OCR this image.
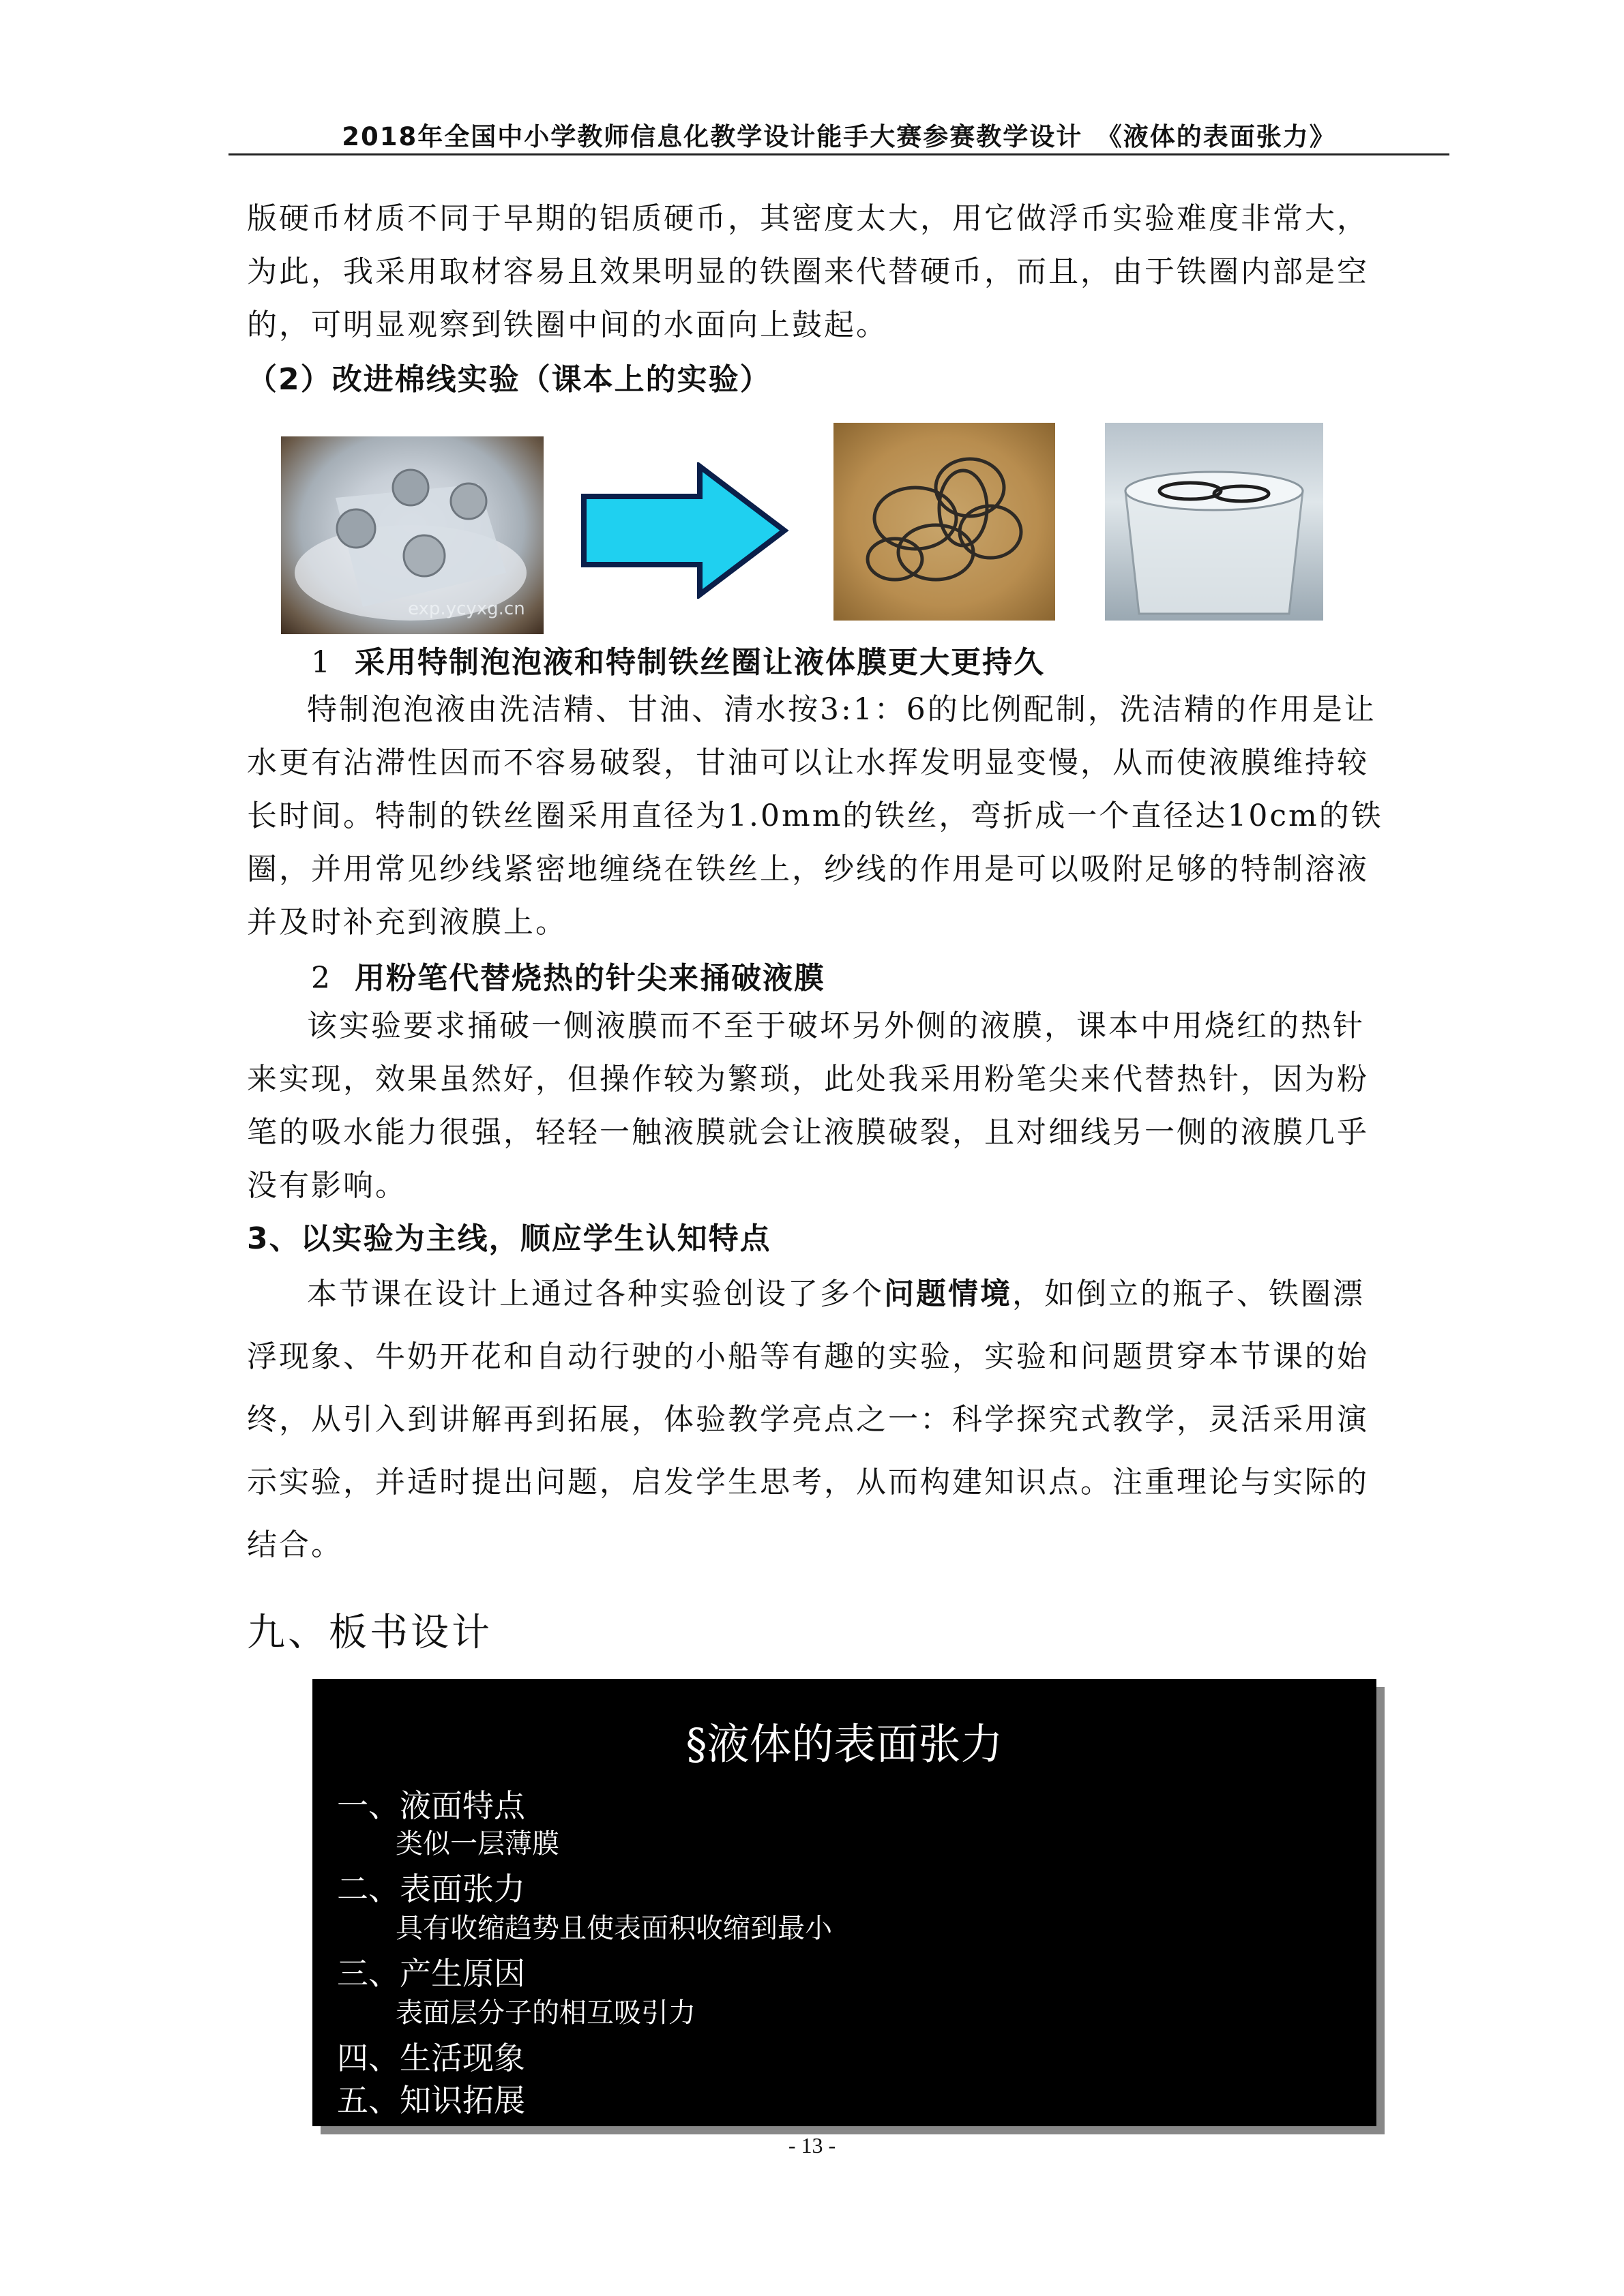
2018年全国中小学教师信息化教学设计能手大赛参赛教学设计　《液体的表面张力》

版硬币材质不同于早期的铝质硬币，其密度太大，用它做浮币实验难度非常大，为此，我采用取材容易且效果明显的铁圈来代替硬币，而且，由于铁圈内部是空的，可明显观察到铁圈中间的水面向上鼓起。

（2）改进棉线实验（课本上的实验）
exp.ycyxg.cn
1 采用特制泡泡液和特制铁丝圈让液体膜更大更持久

特制泡泡液由洗洁精、甘油、清水按3:1：6的比例配制，洗洁精的作用是让水更有沾滞性因而不容易破裂，甘油可以让水挥发明显变慢，从而使液膜维持较长时间。特制的铁丝圈采用直径为1.0mm的铁丝，弯折成一个直径达10cm的铁圈，并用常见纱线紧密地缠绕在铁丝上，纱线的作用是可以吸附足够的特制溶液并及时补充到液膜上。

2 用粉笔代替烧热的针尖来捅破液膜

该实验要求捅破一侧液膜而不至于破坏另外侧的液膜，课本中用烧红的热针来实现，效果虽然好，但操作较为繁琐，此处我采用粉笔尖来代替热针，因为粉笔的吸水能力很强，轻轻一触液膜就会让液膜破裂，且对细线另一侧的液膜几乎没有影响。

3、以实验为主线，顺应学生认知特点

本节课在设计上通过各种实验创设了多个问题情境，如倒立的瓶子、铁圈漂浮现象、牛奶开花和自动行驶的小船等有趣的实验，实验和问题贯穿本节课的始终，从引入到讲解再到拓展，体验教学亮点之一：科学探究式教学，灵活采用演示实验，并适时提出问题，启发学生思考，从而构建知识点。注重理论与实际的结合。

九、板书设计
§液体的表面张力
一、液面特点
类似一层薄膜
二、表面张力
具有收缩趋势且使表面积收缩到最小
三、产生原因
表面层分子的相互吸引力
四、生活现象
五、知识拓展
- 13 -
